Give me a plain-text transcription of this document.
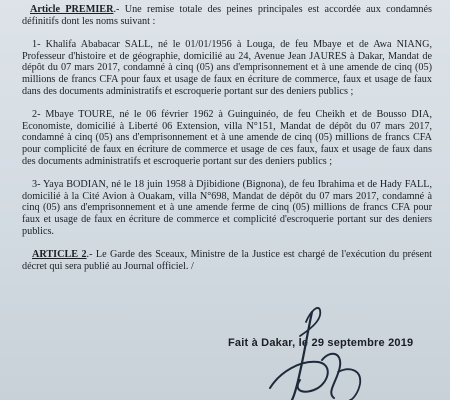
Article PREMIER.- Une remise totale des peines principales est accordée aux condamnés définitifs dont les noms suivant :

1- Khalifa Ababacar SALL, né le 01/01/1956 à Louga, de feu Mbaye et de Awa NIANG, Professeur d'histoire et de géographie, domicilié au 24, Avenue Jean JAURES à Dakar, Mandat de dépôt du 07 mars 2017, condamné à cinq (05) ans d'emprisonnement et à une amende de cinq (05) millions de francs CFA pour faux et usage de faux en écriture de commerce, faux et usage de faux dans des documents administratifs et escroquerie portant sur des deniers publics ;

2- Mbaye TOURE, né le 06 février 1962 à Guinguinéo, de feu Cheikh et de Bousso DIA, Economiste, domicilié à Liberté 06 Extension, villa N°151, Mandat de dépôt du 07 mars 2017, condamné à cinq (05) ans d'emprisonnement et à une amende de cinq (05) millions de francs CFA pour complicité de faux en écriture de commerce et usage de ces faux, faux et usage de faux dans des documents administratifs et escroquerie portant sur des deniers publics ;

3- Yaya BODIAN, né le 18 juin 1958 à Djibidione (Bignona), de feu Ibrahima et de Hady FALL, domicilié à la Cité Avion à Ouakam, villa N°698, Mandat de dépôt du 07 mars 2017, condamné à cinq (05) ans d'emprisonnement et à une amende ferme de cinq (05) millions de francs CFA pour faux et usage de faux en écriture de commerce et complicité d'escroquerie portant sur des deniers publics.

ARTICLE 2.- Le Garde des Sceaux, Ministre de la Justice est chargé de l'exécution du présent décret qui sera publié au Journal officiel. /

Fait à Dakar, le 29 septembre 2019
